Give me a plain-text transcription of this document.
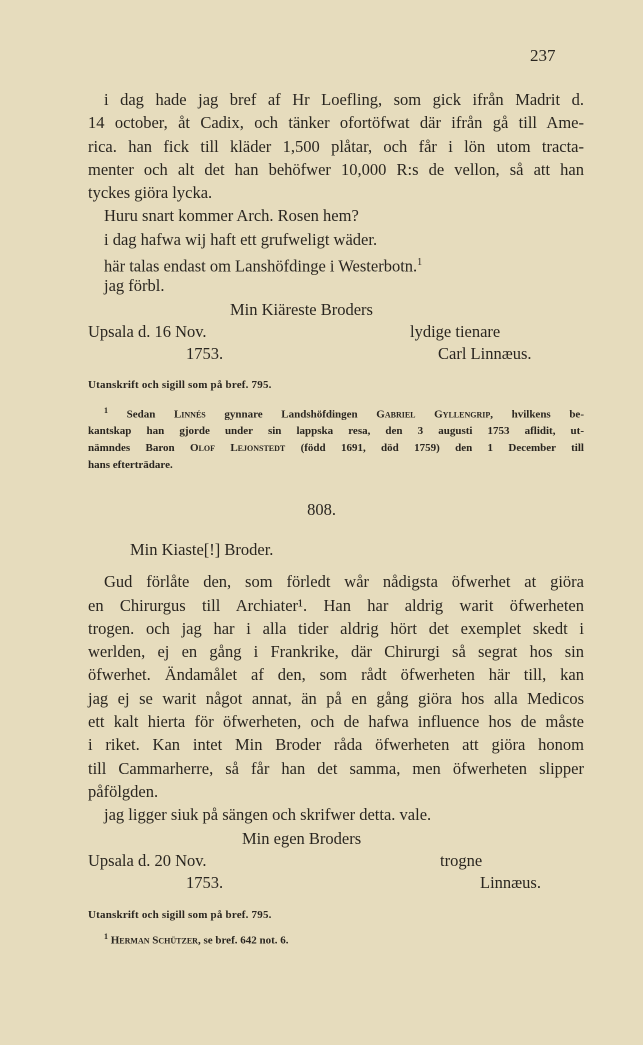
237
i dag hade jag bref af Hr Loefling, som gick ifrån Madrit d.
14 october, åt Cadix, och tänker ofortöfwat där ifrån gå till Ame-
rica. han fick till kläder 1,500 plåtar, och får i lön utom tracta-
menter och alt det han behöfwer 10,000 R:s de vellon, så att han
tyckes giöra lycka.
Huru snart kommer Arch. Rosen hem?
i dag hafwa wij haft ett grufweligt wäder.
här talas endast om Lanshöfdinge i Westerbotn.$^1$
jag förbl.
Min Kiäreste Broders
Upsala d. 16 Nov.	lydige tienare
1753.	Carl Linnæus.
Utanskrift och sigill som på bref. 795.
$^1$ Sedan Linnés gynnare Landshöfdingen Gabriel Gyllengrip, hvilkens be-
kantskap han gjorde under sin lappska resa, den 3 augusti 1753 aflidit, ut-
nämndes Baron Olof Lejonstedt (född 1691, död 1759) den 1 December till
hans efterträdare.
808.
Min Kiaste[!] Broder.
Gud förlåte den, som förledt wår nådigsta öfwerhet at giöra
en Chirurgus till Archiater¹. Han har aldrig warit öfwerheten
trogen. och jag har i alla tider aldrig hört det exemplet skedt i
werlden, ej en gång i Frankrike, där Chirurgi så segrat hos sin
öfwerhet. Ändamålet af den, som rådt öfwerheten här till, kan
jag ej se warit något annat, än på en gång giöra hos alla Medicos
ett kalt hierta för öfwerheten, och de hafwa influence hos de måste
i riket. Kan intet Min Broder råda öfwerheten att giöra honom
till Cammarherre, så får han det samma, men öfwerheten slipper
påfölgden.
jag ligger siuk på sängen och skrifwer detta. vale.
Min egen Broders
Upsala d. 20 Nov.	trogne
1753.	Linnæus.
Utanskrift och sigill som på bref. 795.
$^1$ Herman Schützer, se bref. 642 not. 6.
